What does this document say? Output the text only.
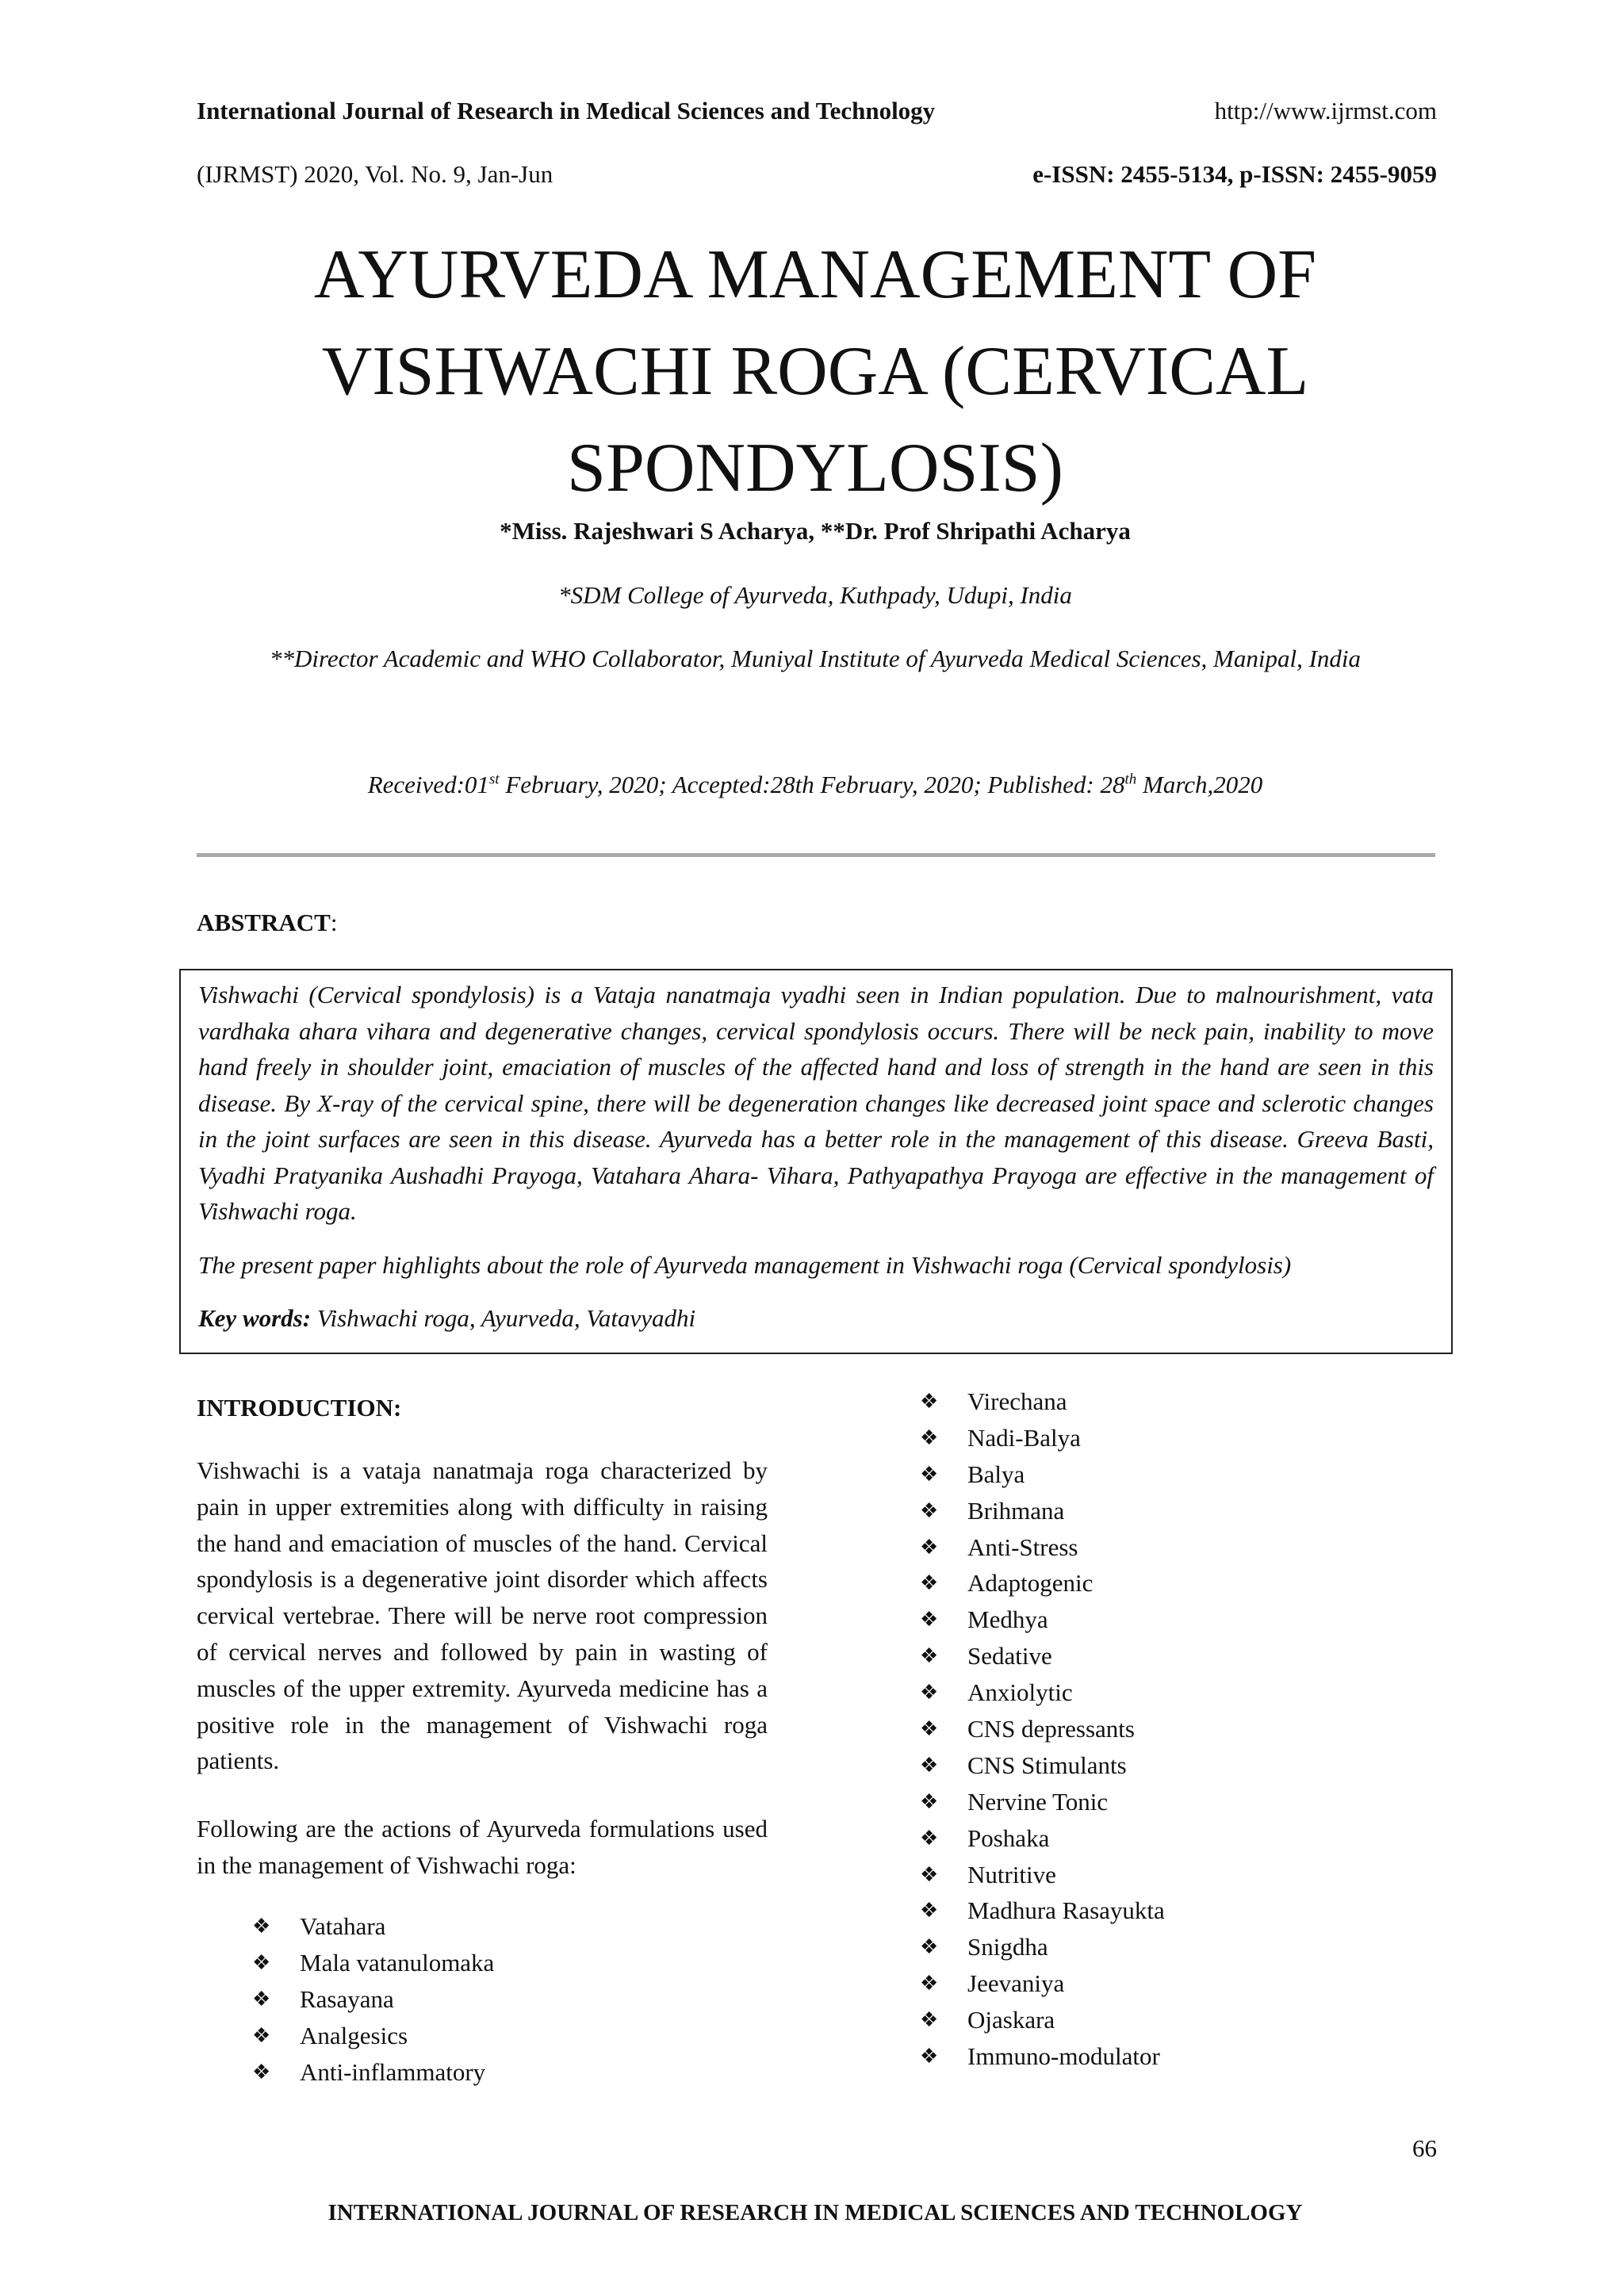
International Journal of Research in Medical Sciences and Technology	http://www.ijrmst.com
(IJRMST) 2020, Vol. No. 9, Jan-Jun	e-ISSN: 2455-5134, p-ISSN: 2455-9059
AYURVEDA MANAGEMENT OF
VISHWACHI ROGA (CERVICAL
SPONDYLOSIS)
*Miss. Rajeshwari S Acharya, **Dr. Prof Shripathi Acharya
*SDM College of Ayurveda, Kuthpady, Udupi, India
**Director Academic and WHO Collaborator, Muniyal Institute of Ayurveda Medical Sciences, Manipal, India
Received:01st February, 2020; Accepted:28th February, 2020; Published: 28th March,2020
ABSTRACT:

Vishwachi (Cervical spondylosis) is a Vataja nanatmaja vyadhi seen in Indian population. Due to malnourishment, vata vardhaka ahara vihara and degenerative changes, cervical spondylosis occurs. There will be neck pain, inability to move hand freely in shoulder joint, emaciation of muscles of the affected hand and loss of strength in the hand are seen in this disease. By X-ray of the cervical spine, there will be degeneration changes like decreased joint space and sclerotic changes in the joint surfaces are seen in this disease. Ayurveda has a better role in the management of this disease. Greeva Basti, Vyadhi Pratyanika Aushadhi Prayoga, Vatahara Ahara- Vihara, Pathyapathya Prayoga are effective in the management of Vishwachi roga.

The present paper highlights about the role of Ayurveda management in Vishwachi roga (Cervical spondylosis)

Key words: Vishwachi roga, Ayurveda, Vatavyadhi

INTRODUCTION:
Vishwachi is a vataja nanatmaja roga characterized by pain in upper extremities along with difficulty in raising the hand and emaciation of muscles of the hand. Cervical spondylosis is a degenerative joint disorder which affects cervical vertebrae. There will be nerve root compression of cervical nerves and followed by pain in wasting of muscles of the upper extremity. Ayurveda medicine has a positive role in the management of Vishwachi roga patients.
Following are the actions of Ayurveda formulations used in the management of Vishwachi roga:
❖ Vatahara
❖ Mala vatanulomaka
❖ Rasayana
❖ Analgesics
❖ Anti-inflammatory
❖ Virechana
❖ Nadi-Balya
❖ Balya
❖ Brihmana
❖ Anti-Stress
❖ Adaptogenic
❖ Medhya
❖ Sedative
❖ Anxiolytic
❖ CNS depressants
❖ CNS Stimulants
❖ Nervine Tonic
❖ Poshaka
❖ Nutritive
❖ Madhura Rasayukta
❖ Snigdha
❖ Jeevaniya
❖ Ojaskara
❖ Immuno-modulator
66
INTERNATIONAL JOURNAL OF RESEARCH IN MEDICAL SCIENCES AND TECHNOLOGY
